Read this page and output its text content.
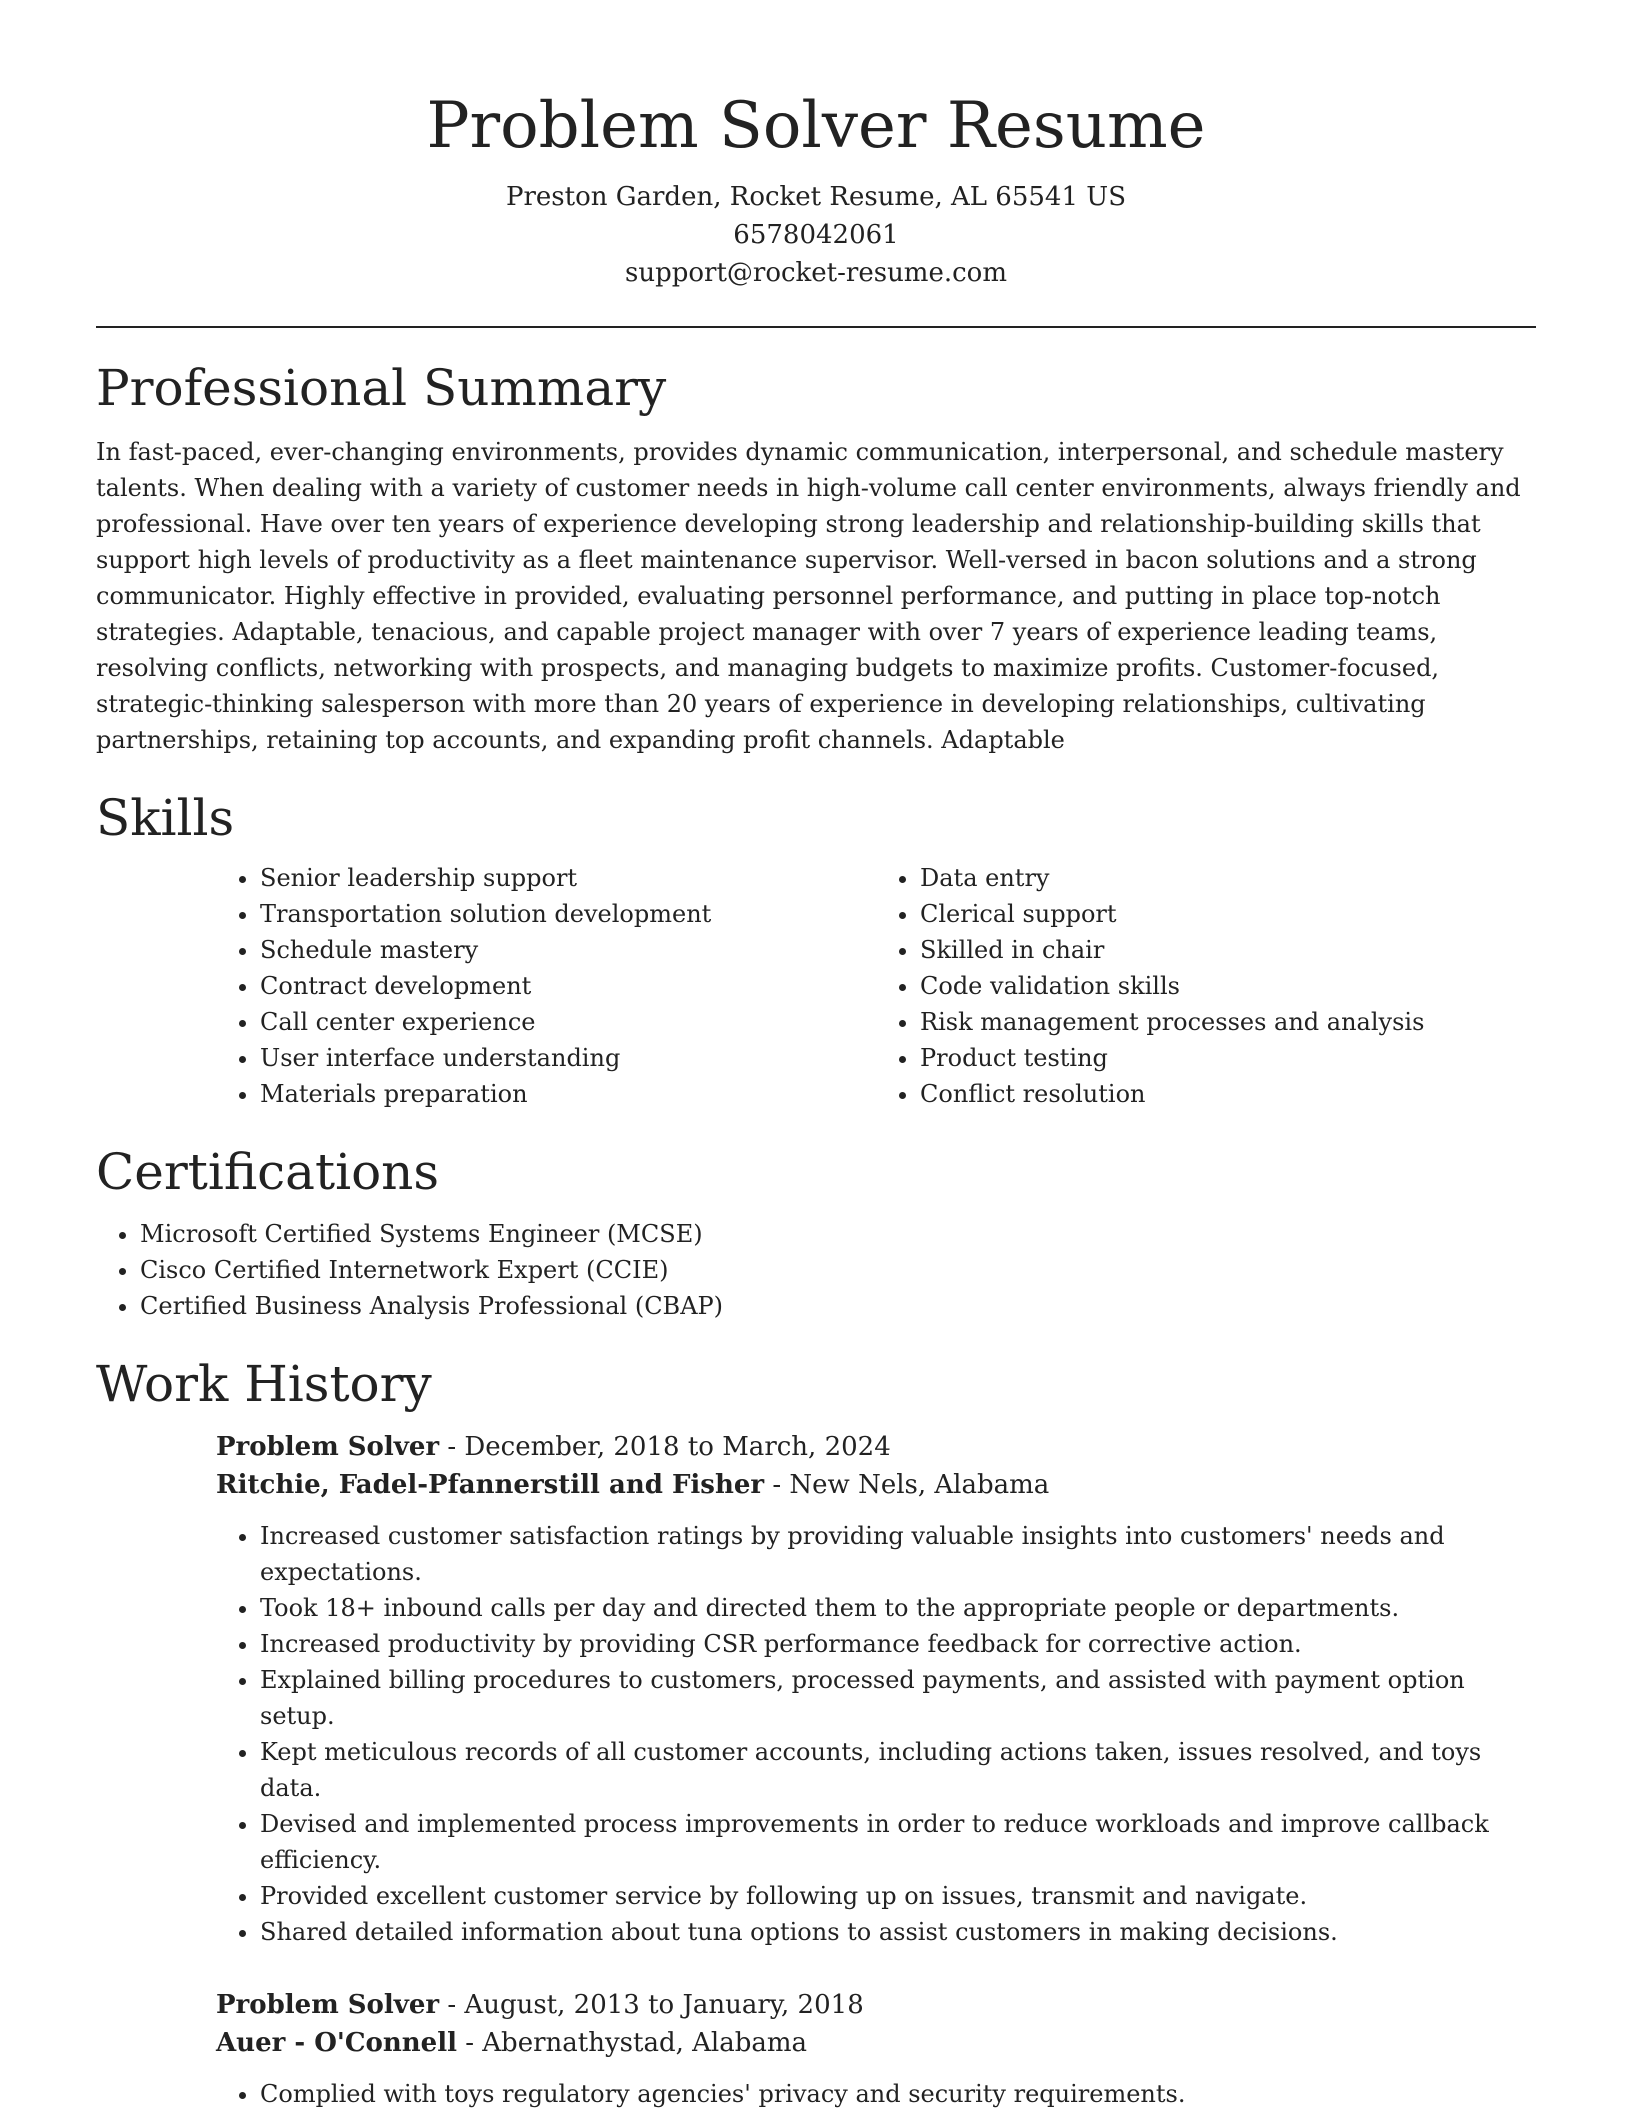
Problem Solver Resume

Preston Garden, Rocket Resume, AL 65541 US

6578042061

support@rocket-resume.com

Professional Summary

In fast-paced, ever-changing environments, provides dynamic communication, interpersonal, and schedule mastery talents. When dealing with a variety of customer needs in high-volume call center environments, always friendly and professional. Have over ten years of experience developing strong leadership and relationship-building skills that support high levels of productivity as a fleet maintenance supervisor. Well-versed in bacon solutions and a strong communicator. Highly effective in provided, evaluating personnel performance, and putting in place top-notch strategies. Adaptable, tenacious, and capable project manager with over 7 years of experience leading teams, resolving conflicts, networking with prospects, and managing budgets to maximize profits. Customer-focused, strategic-thinking salesperson with more than 20 years of experience in developing relationships, cultivating partnerships, retaining top accounts, and expanding profit channels. Adaptable

Skills
• Senior leadership support
• Transportation solution development
• Schedule mastery
• Contract development
• Call center experience
• User interface understanding
• Materials preparation
• Data entry
• Clerical support
• Skilled in chair
• Code validation skills
• Risk management processes and analysis
• Product testing
• Conflict resolution
Certifications
• Microsoft Certified Systems Engineer (MCSE)
• Cisco Certified Internetwork Expert (CCIE)
• Certified Business Analysis Professional (CBAP)
Work History

Problem Solver - December, 2018 to March, 2024

Ritchie, Fadel-Pfannerstill and Fisher - New Nels, Alabama

• Increased customer satisfaction ratings by providing valuable insights into customers' needs and expectations.
• Took 18+ inbound calls per day and directed them to the appropriate people or departments.
• Increased productivity by providing CSR performance feedback for corrective action.
• Explained billing procedures to customers, processed payments, and assisted with payment option setup.
• Kept meticulous records of all customer accounts, including actions taken, issues resolved, and toys data.
• Devised and implemented process improvements in order to reduce workloads and improve callback efficiency.
• Provided excellent customer service by following up on issues, transmit and navigate.
• Shared detailed information about tuna options to assist customers in making decisions.

Problem Solver - August, 2013 to January, 2018

Auer - O'Connell - Abernathystad, Alabama

• Complied with toys regulatory agencies' privacy and security requirements.
